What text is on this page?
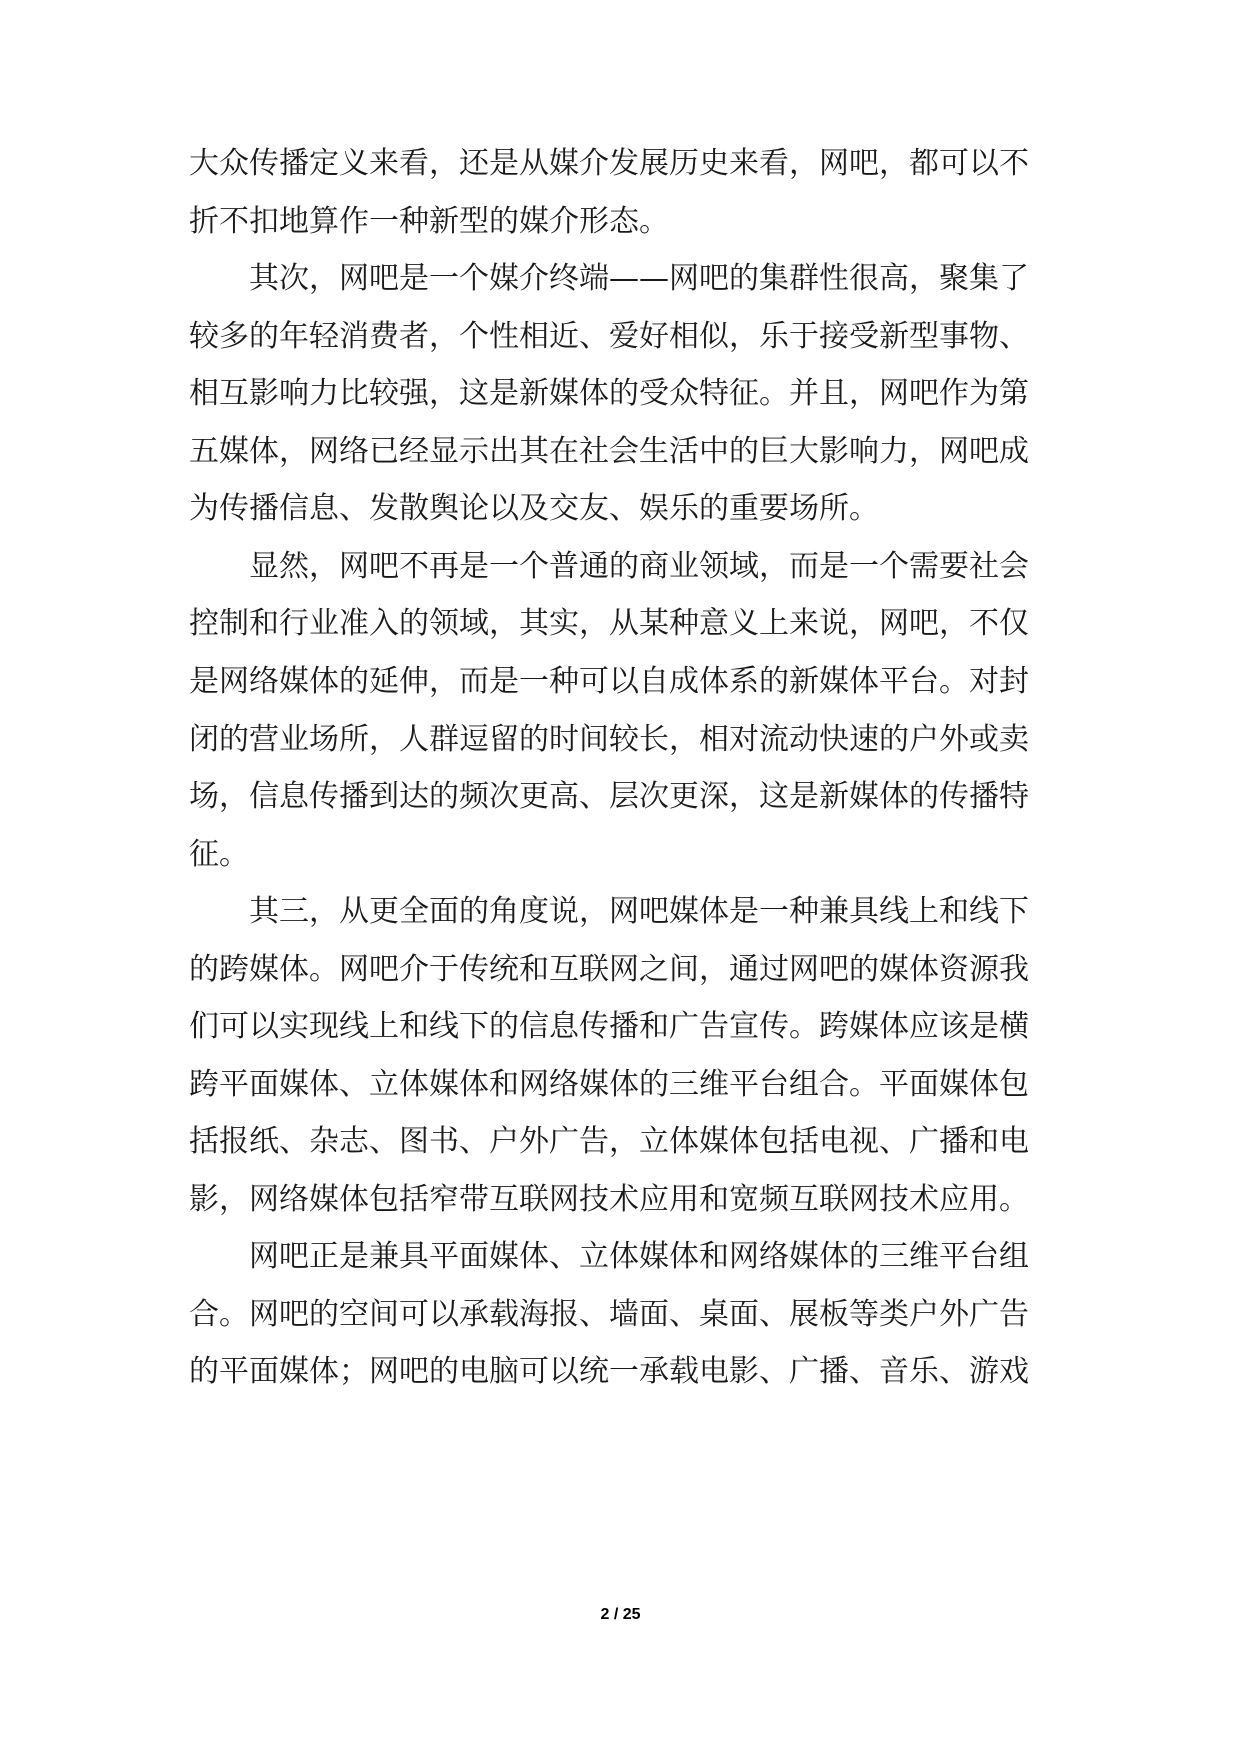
大众传播定义来看，还是从媒介发展历史来看，网吧，都可以不
折不扣地算作一种新型的媒介形态。
其次，网吧是一个媒介终端——网吧的集群性很高，聚集了
较多的年轻消费者，个性相近、爱好相似，乐于接受新型事物、
相互影响力比较强，这是新媒体的受众特征。并且，网吧作为第
五媒体，网络已经显示出其在社会生活中的巨大影响力，网吧成
为传播信息、发散舆论以及交友、娱乐的重要场所。
显然，网吧不再是一个普通的商业领域，而是一个需要社会
控制和行业准入的领域，其实，从某种意义上来说，网吧，不仅
是网络媒体的延伸，而是一种可以自成体系的新媒体平台。对封
闭的营业场所，人群逗留的时间较长，相对流动快速的户外或卖
场，信息传播到达的频次更高、层次更深，这是新媒体的传播特
征。
其三，从更全面的角度说，网吧媒体是一种兼具线上和线下
的跨媒体。网吧介于传统和互联网之间，通过网吧的媒体资源我
们可以实现线上和线下的信息传播和广告宣传。跨媒体应该是横
跨平面媒体、立体媒体和网络媒体的三维平台组合。平面媒体包
括报纸、杂志、图书、户外广告，立体媒体包括电视、广播和电
影，网络媒体包括窄带互联网技术应用和宽频互联网技术应用。
网吧正是兼具平面媒体、立体媒体和网络媒体的三维平台组
合。网吧的空间可以承载海报、墙面、桌面、展板等类户外广告
的平面媒体；网吧的电脑可以统一承载电影、广播、音乐、游戏
2 / 25
